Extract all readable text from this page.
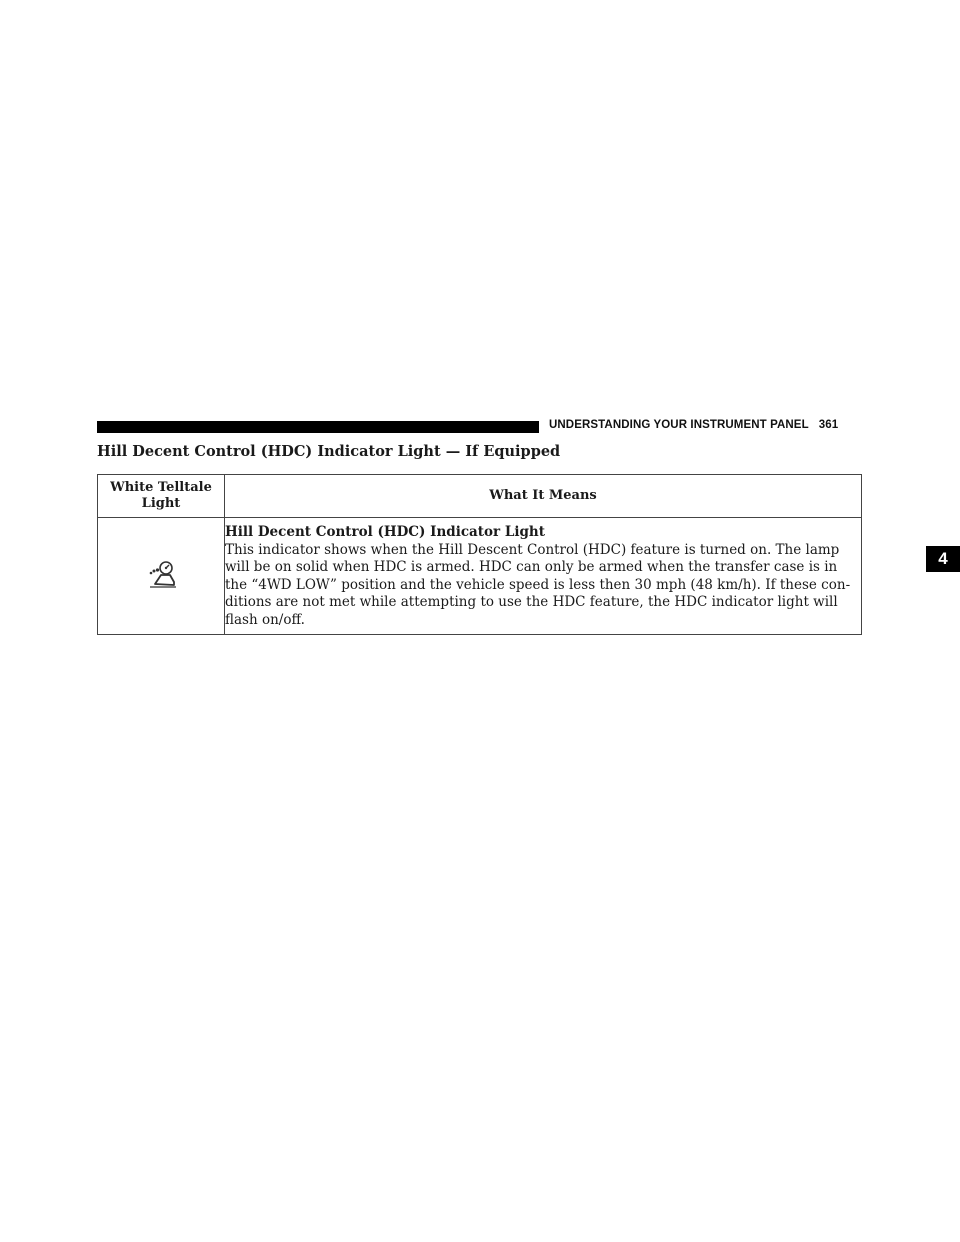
UNDERSTANDING YOUR INSTRUMENT PANEL 361
4
Hill Decent Control (HDC) Indicator Light — If Equipped
White Telltale Light	What It Means

Hill Decent Control (HDC) Indicator Light
This indicator shows when the Hill Descent Control (HDC) feature is turned on. The lamp will be on solid when HDC is armed. HDC can only be armed when the transfer case is in the “4WD LOW” position and the vehicle speed is less then 30 mph (48 km/h). If these con-ditions are not met while attempting to use the HDC feature, the HDC indicator light will flash on/off.
